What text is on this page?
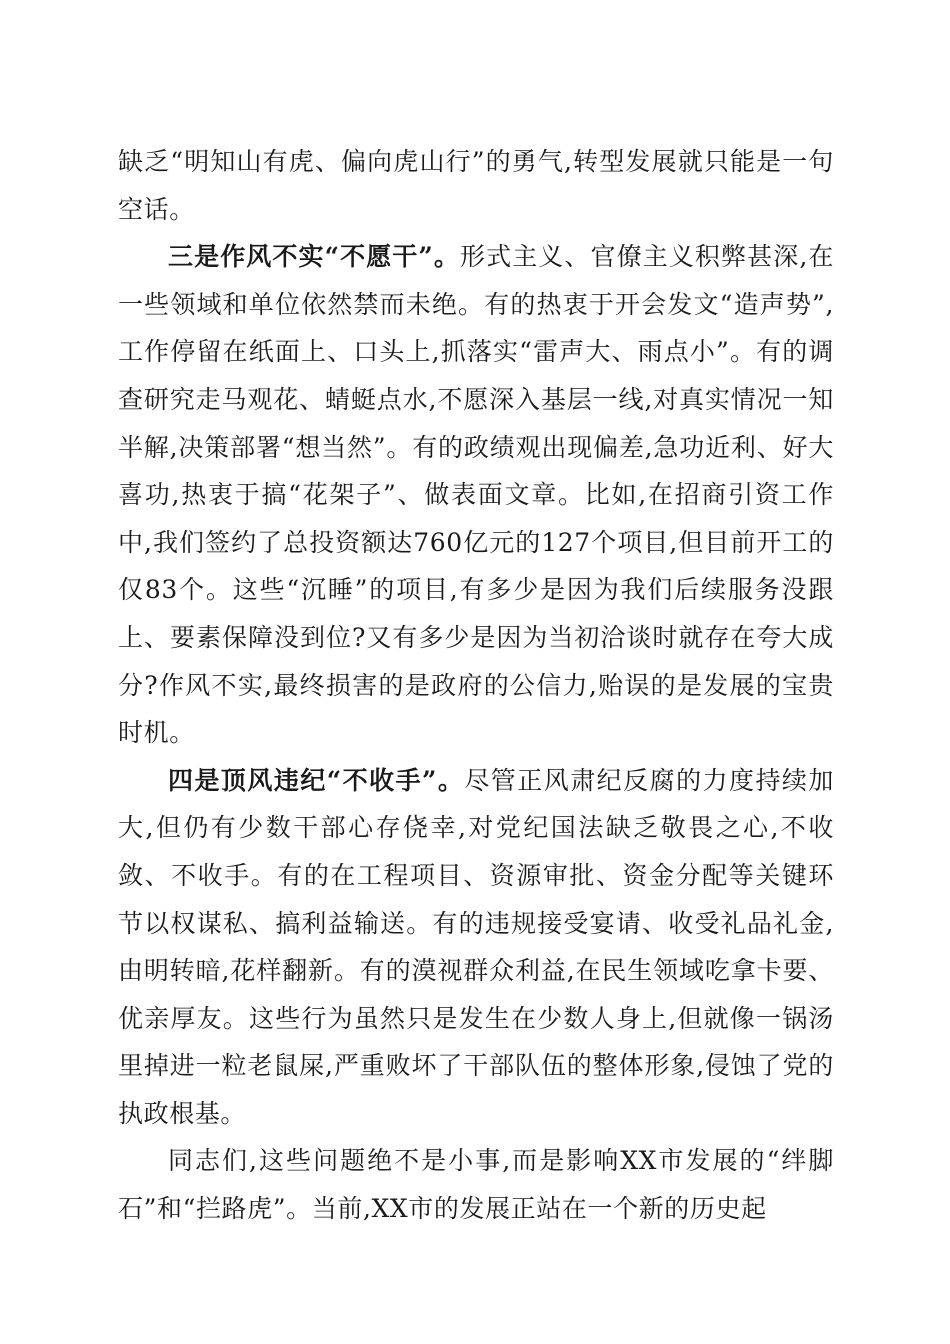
缺乏“明知山有虎、偏向虎山行”的勇气,转型发展就只能是一句空话。

三是作风不实“不愿干”。形式主义、官僚主义积弊甚深,在一些领域和单位依然禁而未绝。有的热衷于开会发文“造声势”,工作停留在纸面上、口头上,抓落实“雷声大、雨点小”。有的调查研究走马观花、蜻蜓点水,不愿深入基层一线,对真实情况一知半解,决策部署“想当然”。有的政绩观出现偏差,急功近利、好大喜功,热衷于搞“花架子”、做表面文章。比如,在招商引资工作中,我们签约了总投资额达760亿元的127个项目,但目前开工的仅83个。这些“沉睡”的项目,有多少是因为我们后续服务没跟上、要素保障没到位?又有多少是因为当初洽谈时就存在夸大成分?作风不实,最终损害的是政府的公信力,贻误的是发展的宝贵时机。

四是顶风违纪“不收手”。尽管正风肃纪反腐的力度持续加大,但仍有少数干部心存侥幸,对党纪国法缺乏敬畏之心,不收敛、不收手。有的在工程项目、资源审批、资金分配等关键环节以权谋私、搞利益输送。有的违规接受宴请、收受礼品礼金,由明转暗,花样翻新。有的漠视群众利益,在民生领域吃拿卡要、优亲厚友。这些行为虽然只是发生在少数人身上,但就像一锅汤里掉进一粒老鼠屎,严重败坏了干部队伍的整体形象,侵蚀了党的执政根基。

同志们,这些问题绝不是小事,而是影响XX市发展的“绊脚石”和“拦路虎”。当前,XX市的发展正站在一个新的历史起
